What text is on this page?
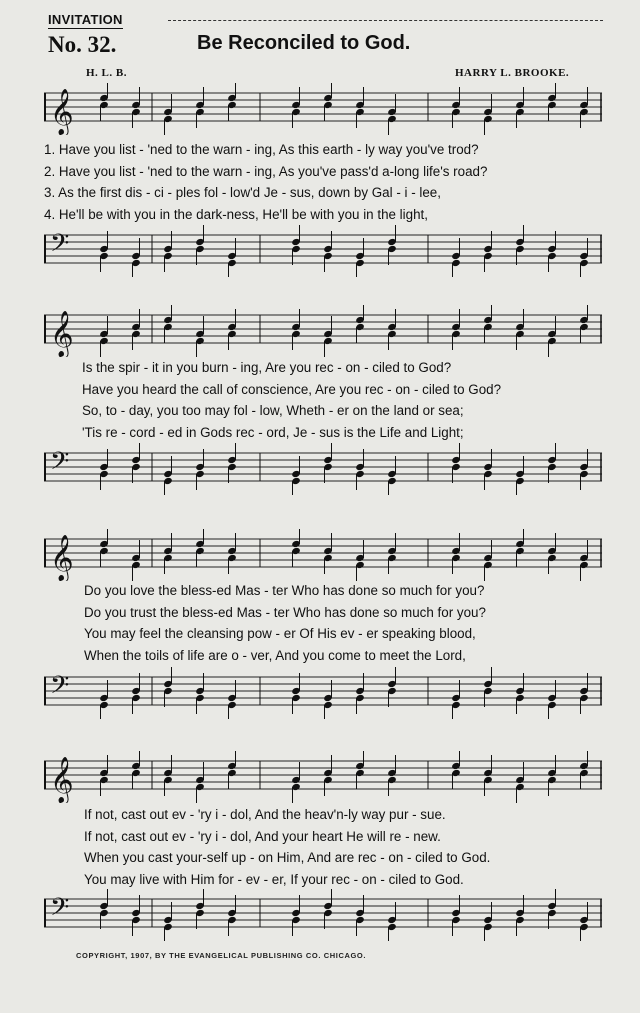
INVITATION
No. 32.	Be Reconciled to God.
H. L. B.	HARRY L. BROOKE.
𝄞
1. Have you list - 'ned to the warn - ing, As this earth - ly way you've trod?
2. Have you list - 'ned to the warn - ing, As you've pass'd a-long life's road?
3. As the first dis - ci - ples fol - low'd Je - sus, down by Gal - i - lee,
4. He'll be with you in the dark-ness, He'll be with you in the light,
𝄢
𝄞
Is the spir - it in you burn - ing, Are you rec - on - ciled to God?
Have you heard the call of conscience, Are you rec - on - ciled to God?
So, to - day, you too may fol - low, Wheth - er on the land or sea;
'Tis re - cord - ed in Gods rec - ord, Je - sus is the Life and Light;
𝄢
𝄞
Do you love the bless-ed Mas - ter Who has done so much for you?
Do you trust the bless-ed Mas - ter Who has done so much for you?
You may feel the cleansing pow - er Of His ev - er speaking blood,
When the toils of life are o - ver, And you come to meet the Lord,
𝄢
𝄞
If not, cast out ev - 'ry i - dol, And the heav'n-ly way pur - sue.
If not, cast out ev - 'ry i - dol, And your heart He will re - new.
When you cast your-self up - on Him, And are rec - on - ciled to God.
You may live with Him for - ev - er, If your rec - on - ciled to God.
𝄢
COPYRIGHT, 1907, BY THE EVANGELICAL PUBLISHING CO. CHICAGO.
